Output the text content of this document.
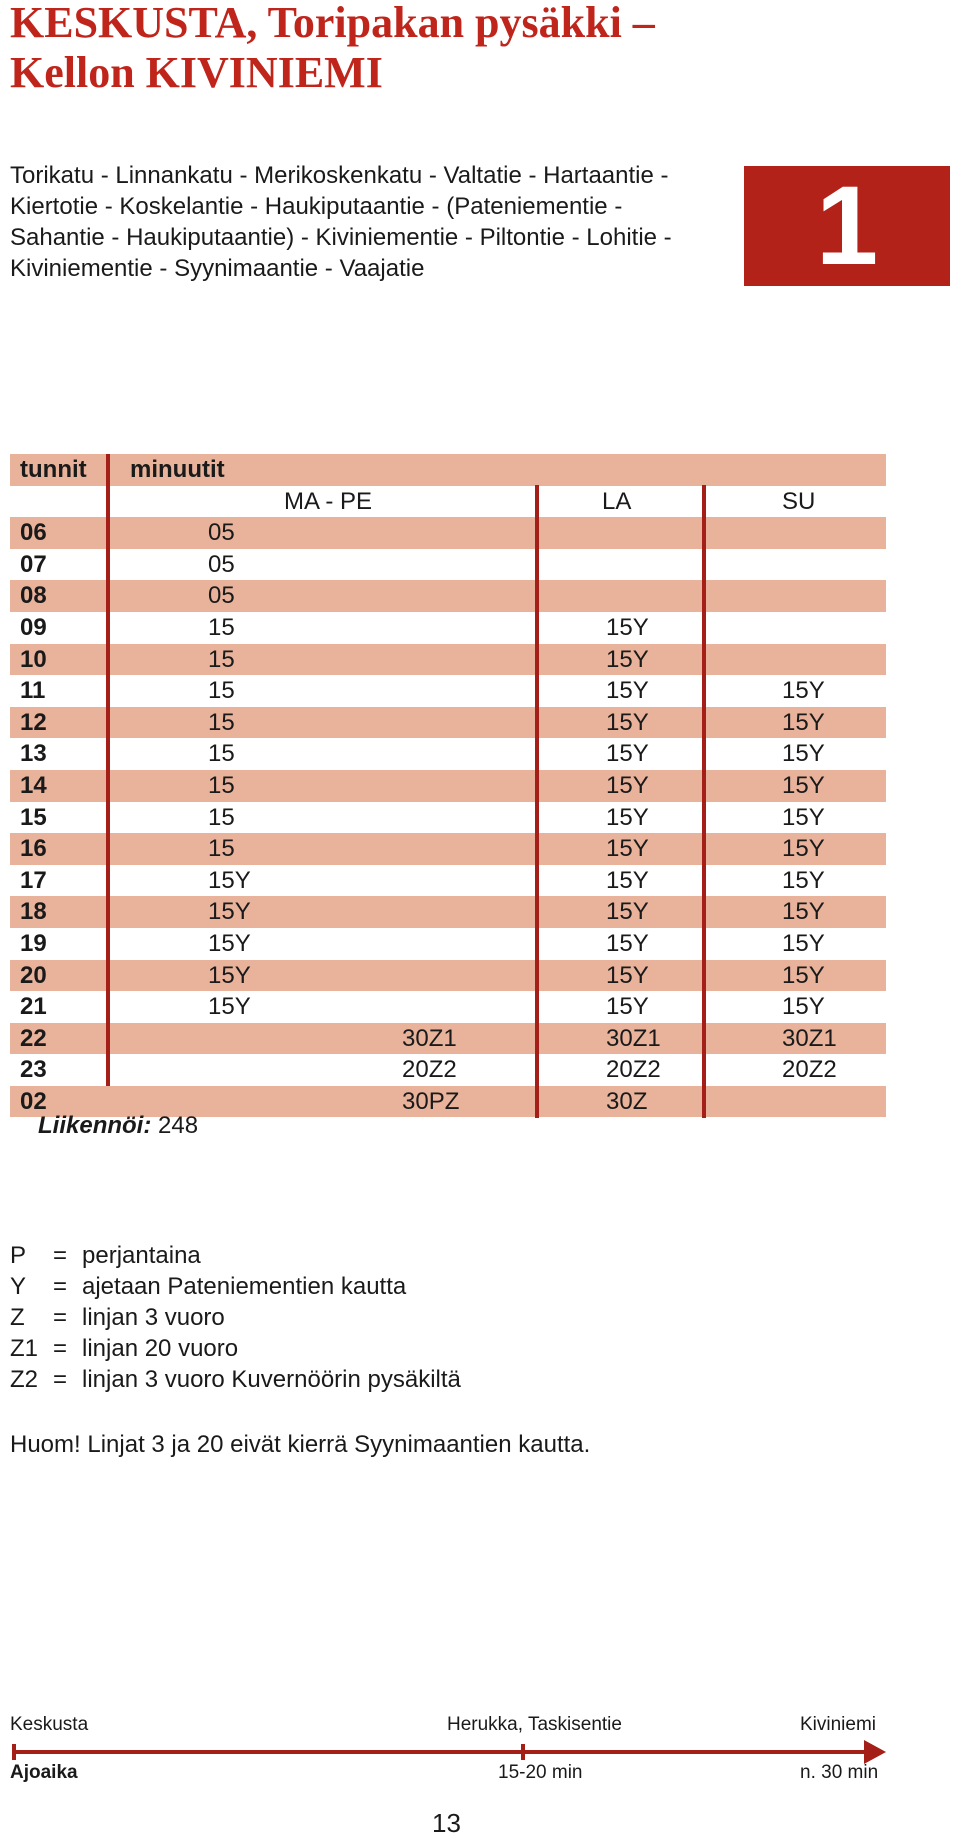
KESKUSTA, Toripakan pysäkki –
Kellon KIVINIEMI
Torikatu - Linnankatu - Merikoskenkatu - Valtatie - Hartaantie -
Kiertotie - Koskelantie - Haukiputaantie - (Pateniementie -
Sahantie - Haukiputaantie) - Kiviniementie - Piltontie - Lohitie -
Kiviniementie - Syynimaantie - Vaajatie	1
tunnit minuutit
MA - PE	LA	SU
06	05
07	05
08	05
09	15	15Y
10	15	15Y
11	15	15Y	15Y
12	15	15Y	15Y
13	15	15Y	15Y
14	15	15Y	15Y
15	15	15Y	15Y
16	15	15Y	15Y
17	15Y	15Y	15Y
18	15Y	15Y	15Y
19	15Y	15Y	15Y
20	15Y	15Y	15Y
21	15Y	15Y	15Y
22	30Z1	30Z1	30Z1
23	20Z2	20Z2	20Z2
02	30PZ	30Z
Liikennöi: 248
P = perjantaina
Y = ajetaan Pateniementien kautta
Z = linjan 3 vuoro
Z1 = linjan 20 vuoro
Z2 = linjan 3 vuoro Kuvernöörin pysäkiltä
Huom! Linjat 3 ja 20 eivät kierrä Syynimaantien kautta.
Keskusta	Herukka, Taskisentie	Kiviniemi
Ajoaika	15-20 min	n. 30 min
13
